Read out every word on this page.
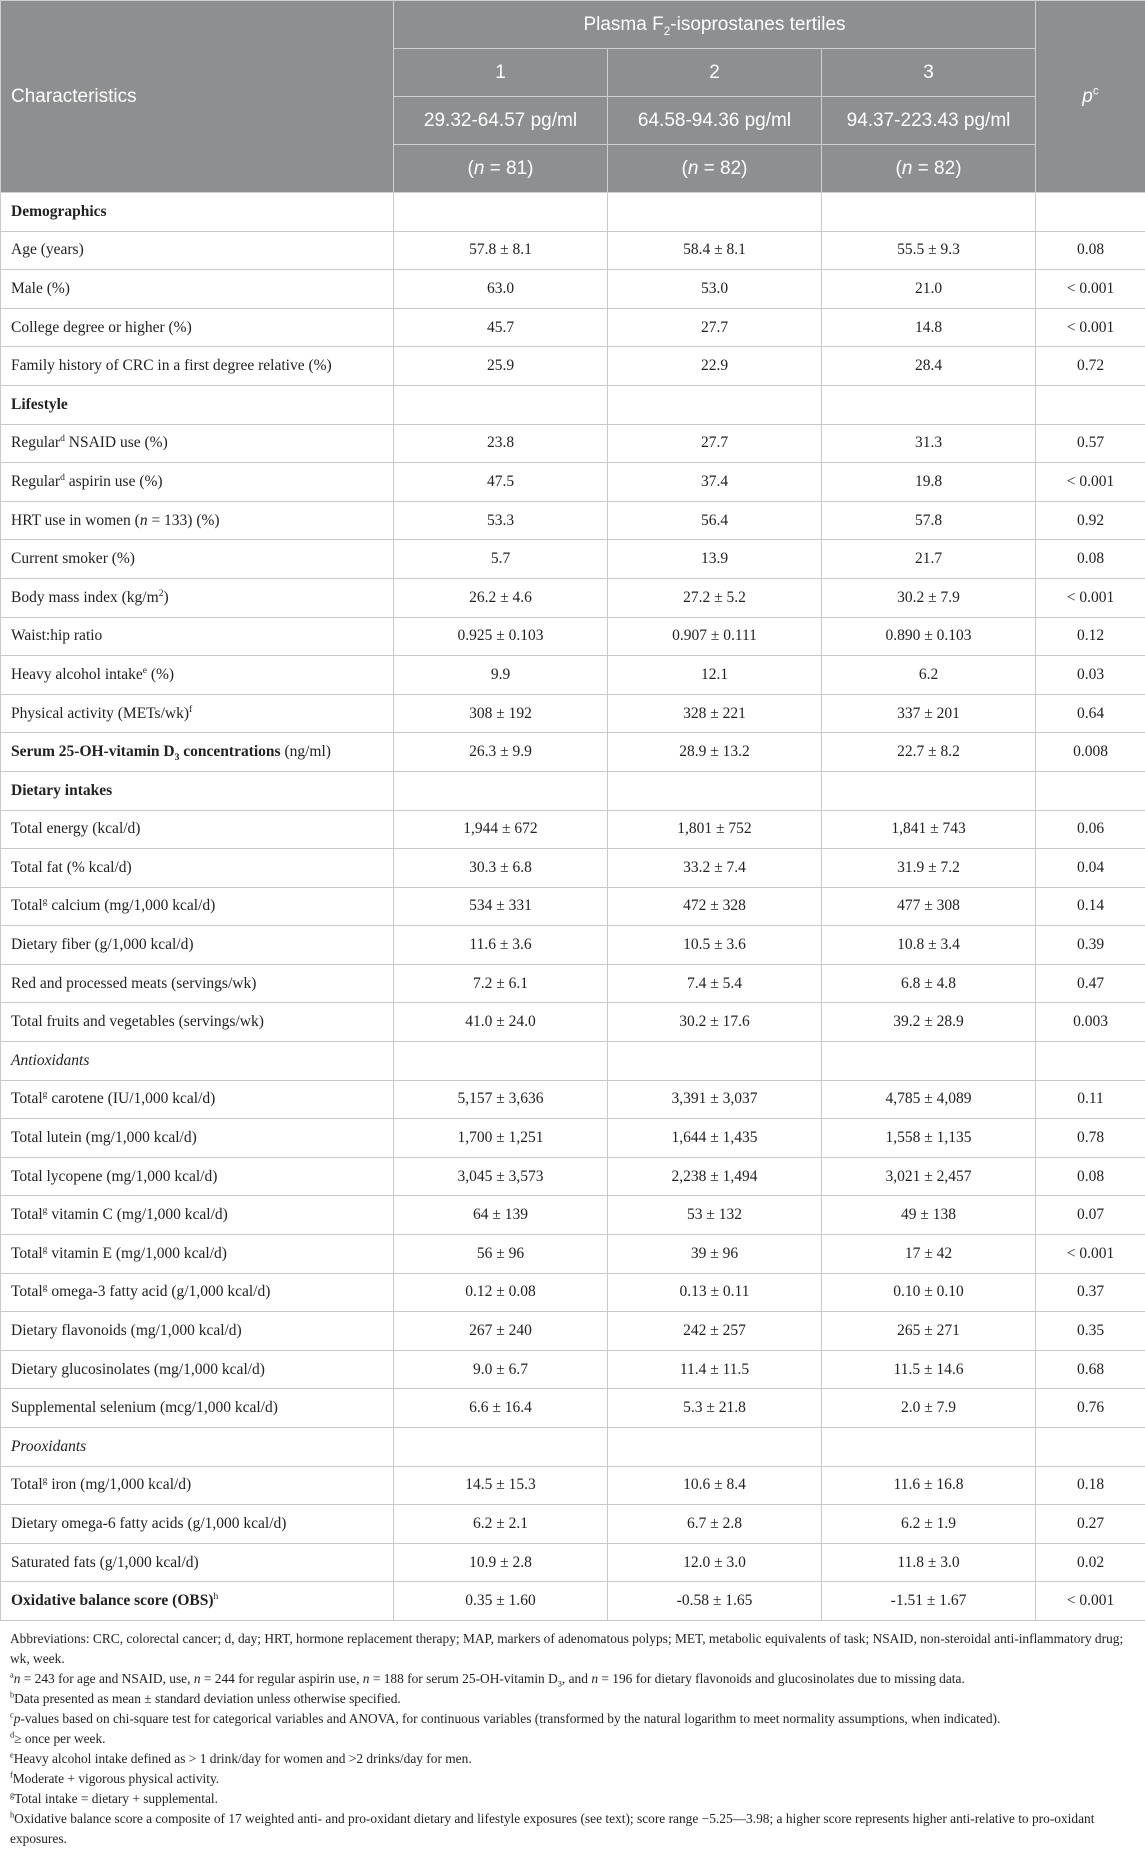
Characteristics	Plasma $F_2$-isoprostanes tertiles			$p^c$
	1	2	3	
	29.32-64.57 pg/ml	64.58-94.36 pg/ml	94.37-223.43 pg/ml	
	(n = 81)	(n = 82)	(n = 82)	
Demographics				
Age (years)	57.8 ± 8.1	58.4 ± 8.1	55.5 ± 9.3	0.08
Male (%)	63.0	53.0	21.0	< 0.001
College degree or higher (%)	45.7	27.7	14.8	< 0.001
Family history of CRC in a first degree relative (%)	25.9	22.9	28.4	0.72
Lifestyle				
Regular$^d$ NSAID use (%)	23.8	27.7	31.3	0.57
Regular$^d$ aspirin use (%)	47.5	37.4	19.8	< 0.001
HRT use in women (n = 133) (%)	53.3	56.4	57.8	0.92
Current smoker (%)	5.7	13.9	21.7	0.08
Body mass index $(kg/m^2)$	26.2 ± 4.6	27.2 ± 5.2	30.2 ± 7.9	< 0.001
Waist:hip ratio	0.925 ± 0.103	0.907 ± 0.111	0.890 ± 0.103	0.12
Heavy alcohol intake$^e$ (%)	9.9	12.1	6.2	0.03
Physical activity (METs/wk)$^f$	308 ± 192	328 ± 221	337 ± 201	0.64
Serum 25-OH-vitamin $D_3$ concentrations (ng/ml)	26.3 ± 9.9	28.9 ± 13.2	22.7 ± 8.2	0.008
Dietary intakes				
Total energy (kcal/d)	1,944 ± 672	1,801 ± 752	1,841 ± 743	0.06
Total fat (% kcal/d)	30.3 ± 6.8	33.2 ± 7.4	31.9 ± 7.2	0.04
Total$^g$ calcium (mg/1,000 kcal/d)	534 ± 331	472 ± 328	477 ± 308	0.14
Dietary fiber (g/1,000 kcal/d)	11.6 ± 3.6	10.5 ± 3.6	10.8 ± 3.4	0.39
Red and processed meats (servings/wk)	7.2 ± 6.1	7.4 ± 5.4	6.8 ± 4.8	0.47
Total fruits and vegetables (servings/wk)	41.0 ± 24.0	30.2 ± 17.6	39.2 ± 28.9	0.003
Antioxidants				
Total$^g$ carotene (IU/1,000 kcal/d)	5,157 ± 3,636	3,391 ± 3,037	4,785 ± 4,089	0.11
Total lutein (mg/1,000 kcal/d)	1,700 ± 1,251	1,644 ± 1,435	1,558 ± 1,135	0.78
Total lycopene (mg/1,000 kcal/d)	3,045 ± 3,573	2,238 ± 1,494	3,021 ± 2,457	0.08
Total$^g$ vitamin C (mg/1,000 kcal/d)	64 ± 139	53 ± 132	49 ± 138	0.07
Total$^g$ vitamin E (mg/1,000 kcal/d)	56 ± 96	39 ± 96	17 ± 42	< 0.001
Total$^g$ omega-3 fatty acid (g/1,000 kcal/d)	0.12 ± 0.08	0.13 ± 0.11	0.10 ± 0.10	0.37
Dietary flavonoids (mg/1,000 kcal/d)	267 ± 240	242 ± 257	265 ± 271	0.35
Dietary glucosinolates (mg/1,000 kcal/d)	9.0 ± 6.7	11.4 ± 11.5	11.5 ± 14.6	0.68
Supplemental selenium (mcg/1,000 kcal/d)	6.6 ± 16.4	5.3 ± 21.8	2.0 ± 7.9	0.76
Prooxidants				
Total$^g$ iron (mg/1,000 kcal/d)	14.5 ± 15.3	10.6 ± 8.4	11.6 ± 16.8	0.18
Dietary omega-6 fatty acids (g/1,000 kcal/d)	6.2 ± 2.1	6.7 ± 2.8	6.2 ± 1.9	0.27
Saturated fats (g/1,000 kcal/d)	10.9 ± 2.8	12.0 ± 3.0	11.8 ± 3.0	0.02
Oxidative balance score (OBS)$^h$	0.35 ± 1.60	-0.58 ± 1.65	-1.51 ± 1.67	< 0.001

Abbreviations: CRC, colorectal cancer; d, day; HRT, hormone replacement therapy; MAP, markers of adenomatous polyps; MET, metabolic equivalents of task; NSAID, non-steroidal anti-inflammatory drug; wk, week.

$^a$n = 243 for age and NSAID, use, n = 244 for regular aspirin use, n = 188 for serum 25-OH-vitamin $D_3$, and n = 196 for dietary flavonoids and glucosinolates due to missing data.

$^b$Data presented as mean ± standard deviation unless otherwise specified.

$^c$p-values based on chi-square test for categorical variables and ANOVA, for continuous variables (transformed by the natural logarithm to meet normality assumptions, when indicated).

$^d$≥ once per week.

$^e$Heavy alcohol intake defined as > 1 drink/day for women and >2 drinks/day for men.

$^f$Moderate + vigorous physical activity.

$^g$Total intake = dietary + supplemental.

$^h$Oxidative balance score a composite of 17 weighted anti- and pro-oxidant dietary and lifestyle exposures (see text); score range −5.25—3.98; a higher score represents higher anti-relative to pro-oxidant exposures.
